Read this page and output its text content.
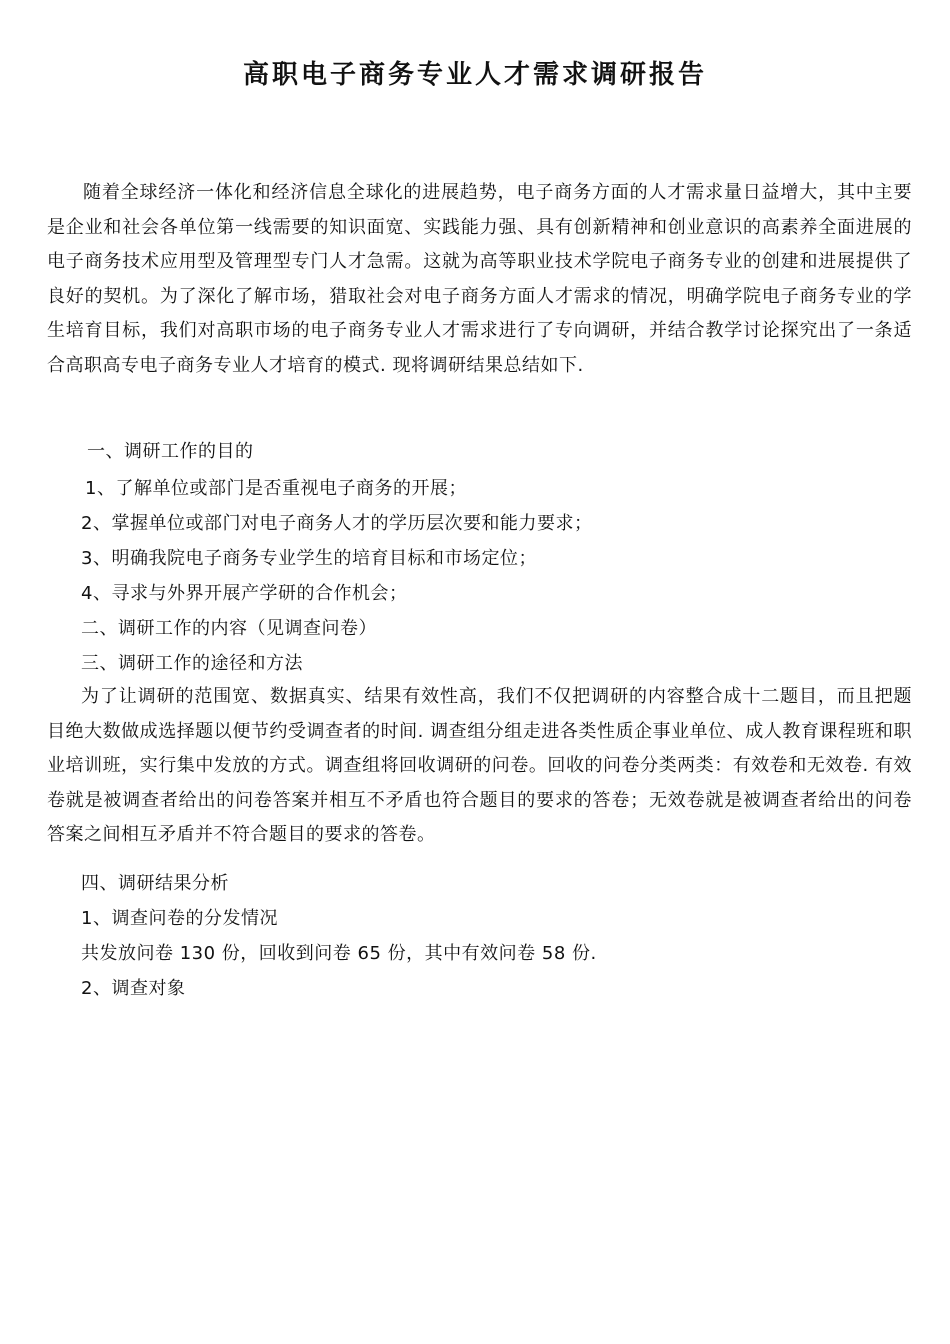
高职电子商务专业人才需求调研报告
随着全球经济一体化和经济信息全球化的进展趋势，电子商务方面的人才需求量日益增大，其中主要是企业和社会各单位第一线需要的知识面宽、实践能力强、具有创新精神和创业意识的高素养全面进展的电子商务技术应用型及管理型专门人才急需。这就为高等职业技术学院电子商务专业的创建和进展提供了良好的契机。为了深化了解市场，猎取社会对电子商务方面人才需求的情况，明确学院电子商务专业的学生培育目标，我们对高职市场的电子商务专业人才需求进行了专向调研，并结合教学讨论探究出了一条适合高职高专电子商务专业人才培育的模式. 现将调研结果总结如下.
一、调研工作的目的
1、了解单位或部门是否重视电子商务的开展；
2、掌握单位或部门对电子商务人才的学历层次要和能力要求；
3、明确我院电子商务专业学生的培育目标和市场定位；
4、寻求与外界开展产学研的合作机会；
二、调研工作的内容（见调查问卷）
三、调研工作的途径和方法
为了让调研的范围宽、数据真实、结果有效性高，我们不仅把调研的内容整合成十二题目，而且把题目绝大数做成选择题以便节约受调查者的时间. 调查组分组走进各类性质企事业单位、成人教育课程班和职业培训班，实行集中发放的方式。调查组将回收调研的问卷。回收的问卷分类两类：有效卷和无效卷. 有效卷就是被调查者给出的问卷答案并相互不矛盾也符合题目的要求的答卷；无效卷就是被调查者给出的问卷答案之间相互矛盾并不符合题目的要求的答卷。
四、调研结果分析
1、调查问卷的分发情况
共发放问卷 130 份，回收到问卷 65 份，其中有效问卷 58 份.
2、调查对象
